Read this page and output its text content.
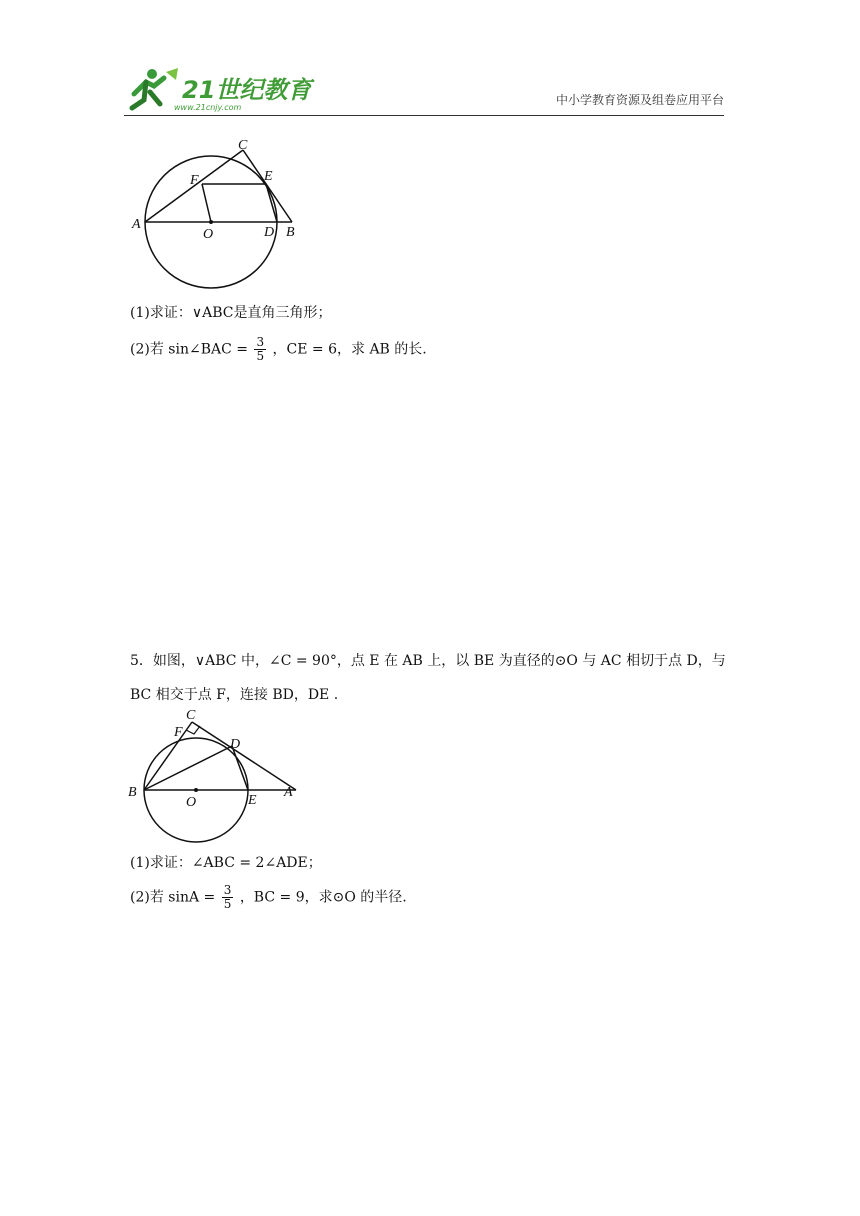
21世纪教育
www.21cnjy.com
中小学教育资源及组卷应用平台
C
F	E
A
O	D B
(1)求证：∨ABC是直角三角形；
(2)若 sin∠BAC = $\frac{3}{5}$ ，CE = 6，求 AB 的长.
5．如图，∨ABC 中，∠C = 90°，点 E 在 AB 上，以 BE 为直径的⊙O 与 AC 相切于点 D，与
BC 相交于点 F，连接 BD，DE .
C
F
D
B
O	E
A
(1)求证：∠ABC = 2∠ADE；
(2)若 $\sin A = \frac{3}{5}$ ，BC = 9，求⊙O 的半径.
